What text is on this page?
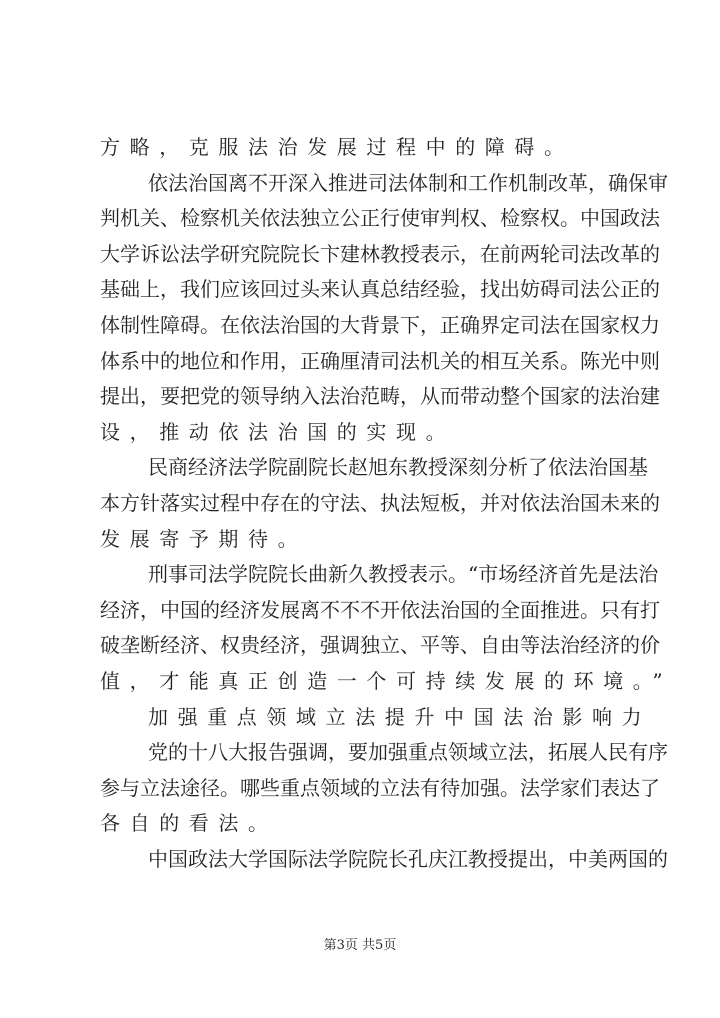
方略，克服法治发展过程中的障碍。
依法治国离不开深入推进司法体制和工作机制改革，确保审
判机关、检察机关依法独立公正行使审判权、检察权。中国政法
大学诉讼法学研究院院长卞建林教授表示，在前两轮司法改革的
基础上，我们应该回过头来认真总结经验，找出妨碍司法公正的
体制性障碍。在依法治国的大背景下，正确界定司法在国家权力
体系中的地位和作用，正确厘清司法机关的相互关系。陈光中则
提出，要把党的领导纳入法治范畴，从而带动整个国家的法治建
设，推动依法治国的实现。
民商经济法学院副院长赵旭东教授深刻分析了依法治国基
本方针落实过程中存在的守法、执法短板，并对依法治国未来的
发展寄予期待。
刑事司法学院院长曲新久教授表示。“市场经济首先是法治
经济，中国的经济发展离不不不开依法治国的全面推进。只有打
破垄断经济、权贵经济，强调独立、平等、自由等法治经济的价
值，才能真正创造一个可持续发展的环境。”
加强重点领域立法提升中国法治影响力
党的十八大报告强调，要加强重点领域立法，拓展人民有序
参与立法途径。哪些重点领域的立法有待加强。法学家们表达了
各自的看法。
中国政法大学国际法学院院长孔庆江教授提出，中美两国的
第3页 共5页
